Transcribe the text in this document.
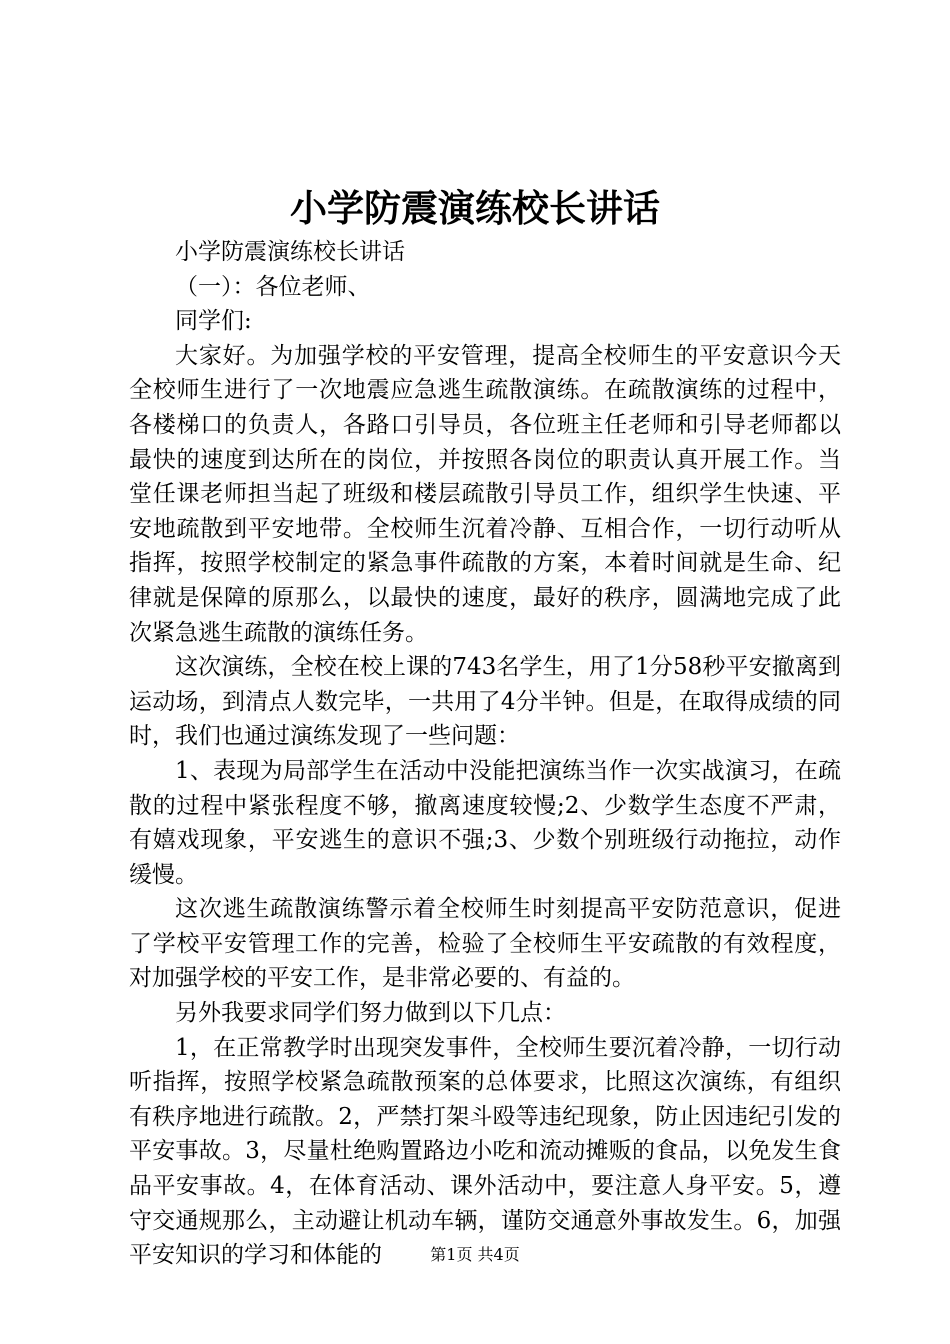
小学防震演练校长讲话

小学防震演练校长讲话

（一）：各位老师、

同学们:

大家好。为加强学校的平安管理，提高全校师生的平安意识今天全校师生进行了一次地震应急逃生疏散演练。在疏散演练的过程中，各楼梯口的负责人，各路口引导员，各位班主任老师和引导老师都以最快的速度到达所在的岗位，并按照各岗位的职责认真开展工作。当堂任课老师担当起了班级和楼层疏散引导员工作，组织学生快速、平安地疏散到平安地带。全校师生沉着冷静、互相合作，一切行动听从指挥，按照学校制定的紧急事件疏散的方案，本着时间就是生命、纪律就是保障的原那么，以最快的速度，最好的秩序，圆满地完成了此次紧急逃生疏散的演练任务。

这次演练，全校在校上课的743名学生，用了1分58秒平安撤离到运动场，到清点人数完毕，一共用了4分半钟。但是，在取得成绩的同时，我们也通过演练发现了一些问题：

1、表现为局部学生在活动中没能把演练当作一次实战演习，在疏散的过程中紧张程度不够，撤离速度较慢;2、少数学生态度不严肃，有嬉戏现象，平安逃生的意识不强;3、少数个别班级行动拖拉，动作缓慢。

这次逃生疏散演练警示着全校师生时刻提高平安防范意识，促进了学校平安管理工作的完善，检验了全校师生平安疏散的有效程度，对加强学校的平安工作，是非常必要的、有益的。

另外我要求同学们努力做到以下几点：

1，在正常教学时出现突发事件，全校师生要沉着冷静，一切行动听指挥，按照学校紧急疏散预案的总体要求，比照这次演练，有组织有秩序地进行疏散。2，严禁打架斗殴等违纪现象，防止因违纪引发的平安事故。3，尽量杜绝购置路边小吃和流动摊贩的食品，以免发生食品平安事故。4，在体育活动、课外活动中，要注意人身平安。5，遵守交通规那么，主动避让机动车辆，谨防交通意外事故发生。6，加强平安知识的学习和体能的	第1页 共4页
